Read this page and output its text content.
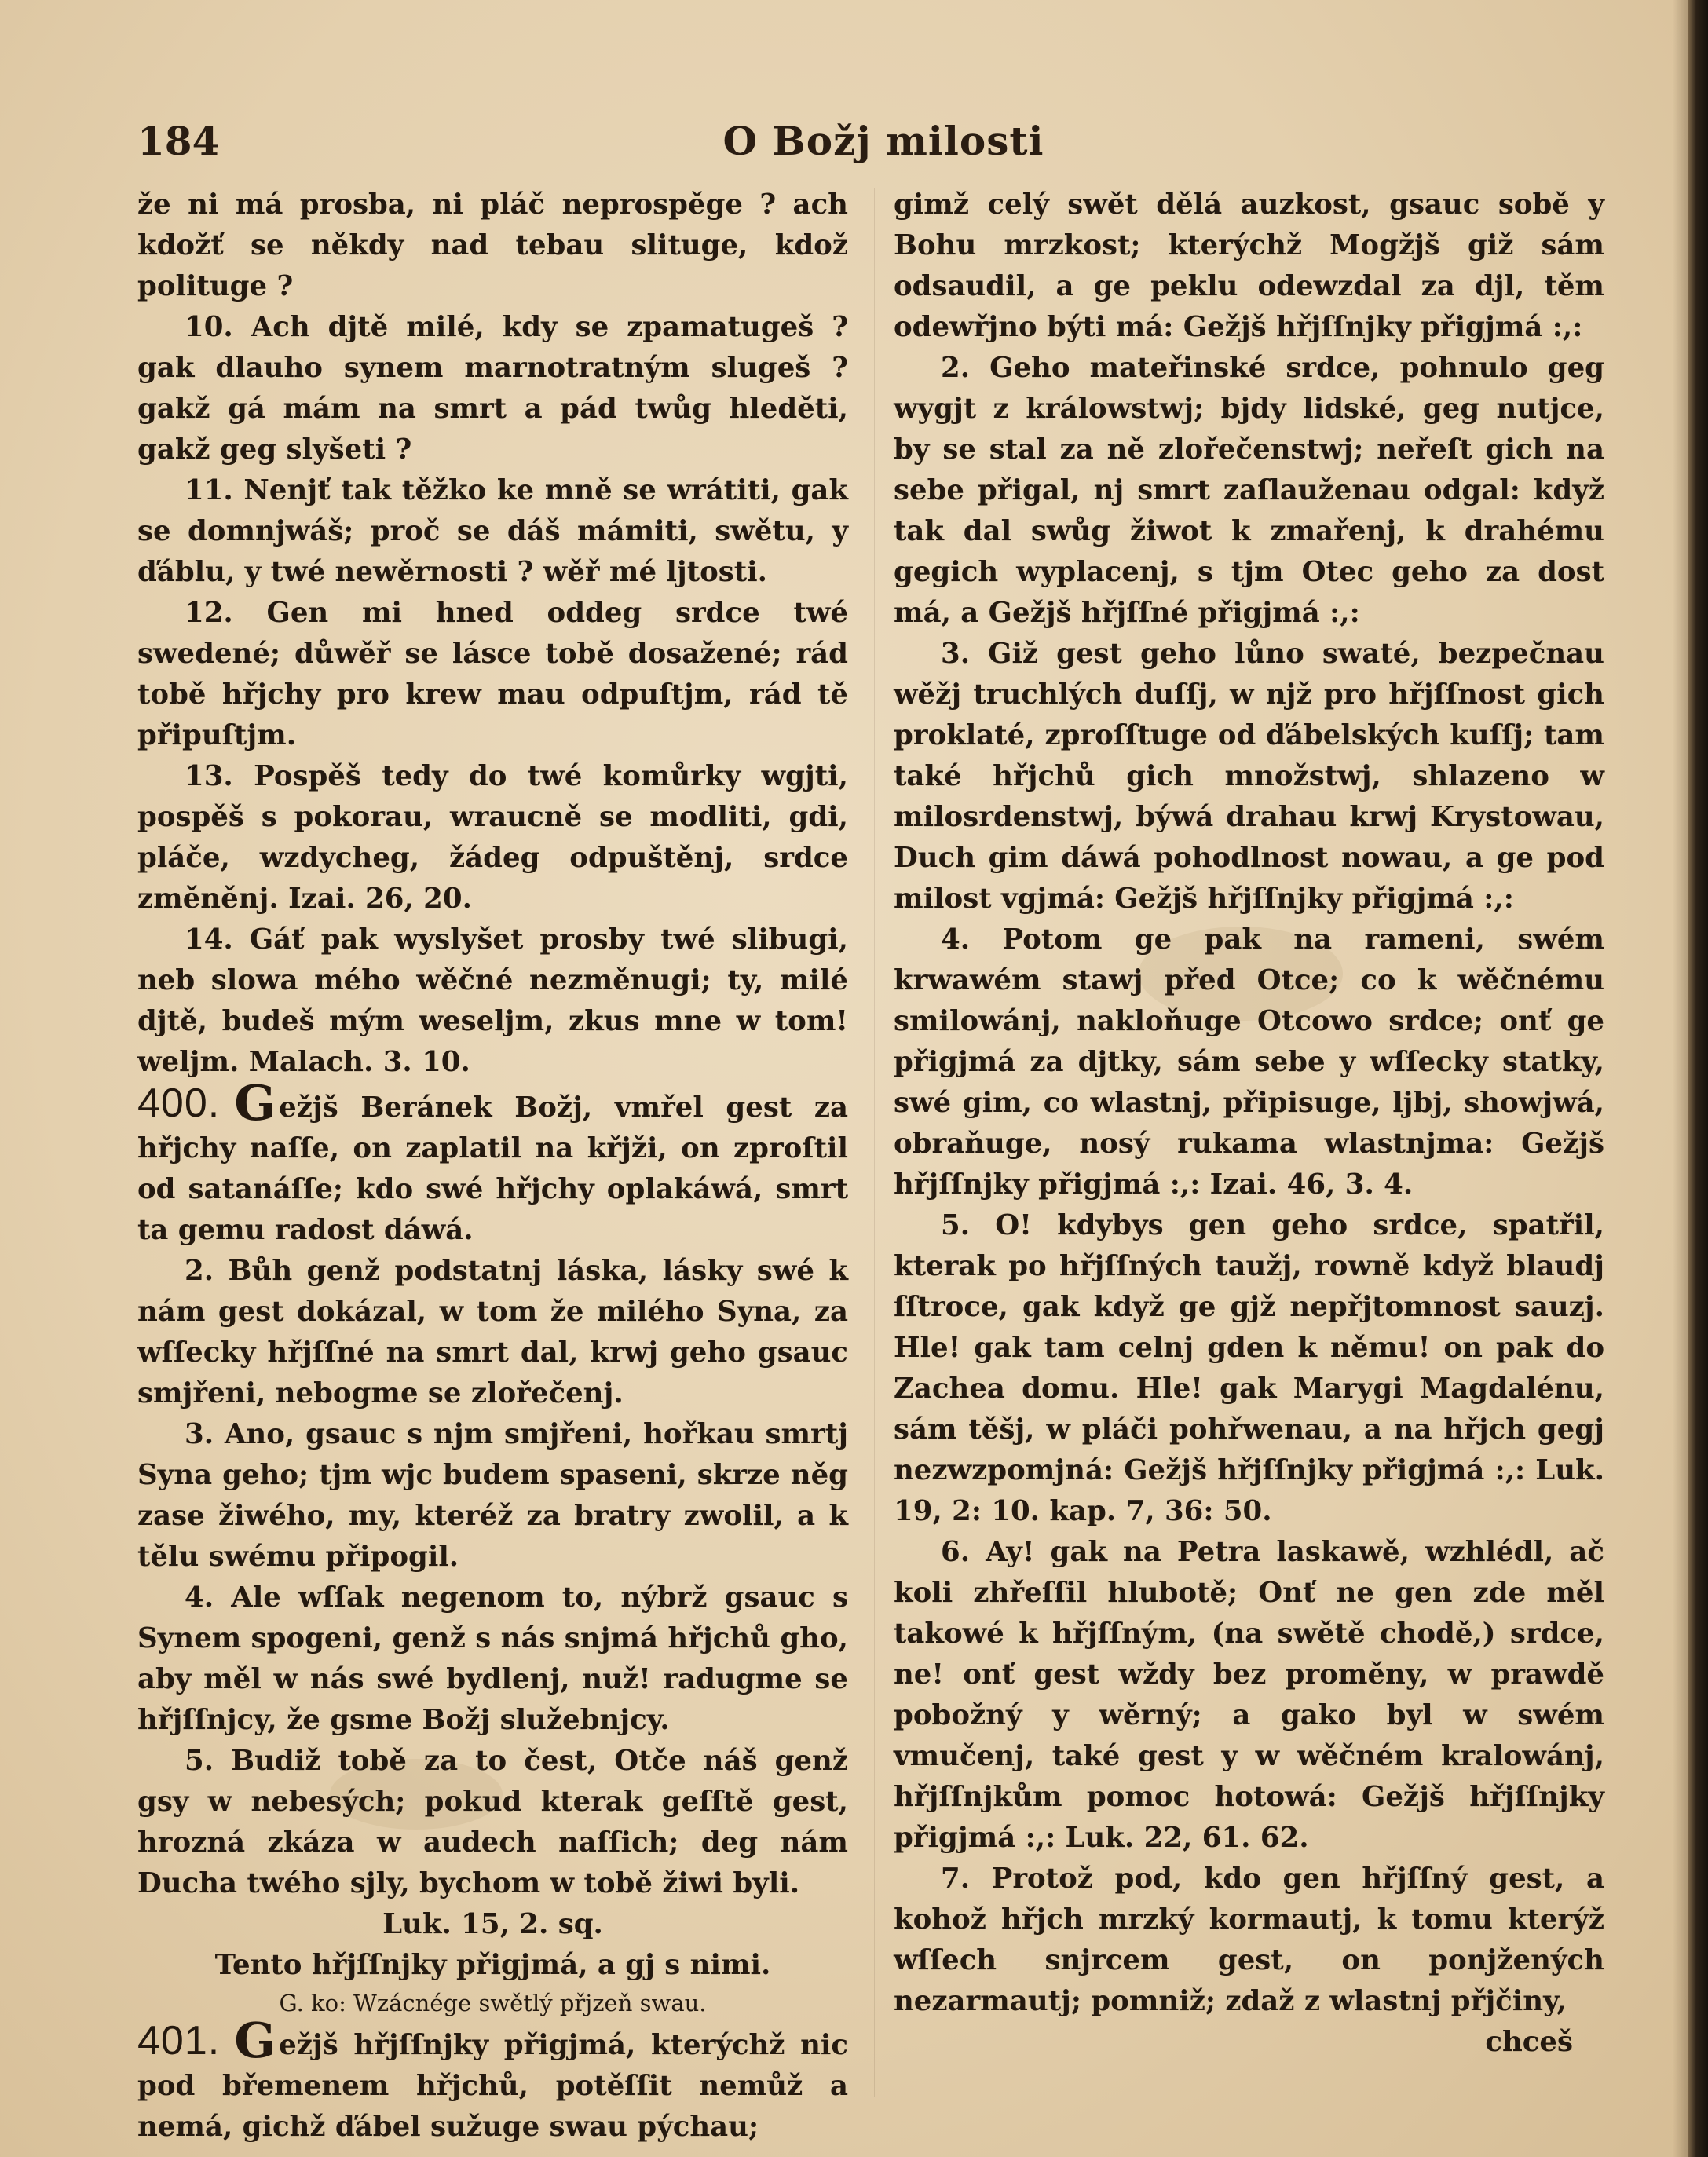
184	O Božj milosti

že ni má prosba, ni pláč neprospěge ? ach kdožť se někdy nad tebau slituge, kdož polituge ?

10. Ach djtě milé, kdy se zpamatugeš ? gak dlauho synem marnotratným slugeš ? gakž gá mám na smrt a pád twůg hleděti, gakž geg slyšeti ?

11. Nenjť tak těžko ke mně se wrátiti, gak se domnjwáš; proč se dáš mámiti, swětu, y ďáblu, y twé newěrnosti ? wěř mé ljtosti.

12. Gen mi hned oddeg srdce twé swedené; důwěř se lásce tobě dosažené; rád tobě hřjchy pro krew mau odpuſtjm, rád tě připuſtjm.

13. Pospěš tedy do twé komůrky wgjti, pospěš s pokorau, wraucně se modliti, gdi, pláče, wzdycheg, žádeg odpuštěnj, srdce změněnj. Izai. 26, 20.

14. Gáť pak wyslyšet prosby twé slibugi, neb slowa mého wěčné nezměnugi; ty, milé djtě, budeš mým weseljm, zkus mne w tom! weljm. Malach. 3. 10.

400. G ežjš Beránek Božj, vmřel gest za hřjchy naſſe, on zaplatil na křjži, on zproſtil od satanáſſe; kdo swé hřjchy oplakáwá, smrt ta gemu radost dáwá.

2. Bůh genž podstatnj láska, lásky swé k nám gest dokázal, w tom že milého Syna, za wſſecky hřjſſné na smrt dal, krwj geho gsauc smjřeni, nebogme se zlořečenj.

3. Ano, gsauc s njm smjřeni, hořkau smrtj Syna geho; tjm wjc budem spaseni, skrze něg zase žiwého, my, kteréž za bratry zwolil, a k tělu swému připogil.

4. Ale wſſak negenom to, nýbrž gsauc s Synem spogeni, genž s nás snjmá hřjchů gho, aby měl w nás swé bydlenj, nuž! radugme se hřjſſnjcy, že gsme Božj služebnjcy.

5. Budiž tobě za to čest, Otče náš genž gsy w nebesých; pokud kterak geſſtě gest, hrozná zkáza w audech naſſich; deg nám Ducha twého sjly, bychom w tobě žiwi byli.

Luk. 15, 2. sq.

Tento hřjſſnjky přigjmá, a gj s nimi.

G. ko: Wzácnége swětlý přjzeň swau.

401. G ežjš hřjſſnjky přigjmá, kterýchž nic pod břemenem hřjchů, potěſſit nemůž a nemá, gichž ďábel sužuge swau pýchau;

gimž celý swět dělá auzkost, gsauc sobě y Bohu mrzkost; kterýchž Mogžjš giž sám odsaudil, a ge peklu odewzdal za djl, těm odewřjno býti má: Gežjš hřjſſnjky přigjmá :,:

2. Geho mateřinské srdce, pohnulo geg wygjt z králowstwj; bjdy lidské, geg nutjce, by se stal za ně zlořečenstwj; neřeſt gich na sebe přigal, nj smrt zaſlauženau odgal: když tak dal swůg žiwot k zmařenj, k drahému gegich wyplacenj, s tjm Otec geho za dost má, a Gežjš hřjſſné přigjmá :,:

3. Giž gest geho lůno swaté, bezpečnau wěžj truchlých duſſj, w njž pro hřjſſnost gich proklaté, zproſſtuge od ďábelských kuſſj; tam také hřjchů gich množstwj, shlazeno w milosrdenstwj, býwá drahau krwj Krystowau, Duch gim dáwá pohodlnost nowau, a ge pod milost vgjmá: Gežjš hřjſſnjky přigjmá :,:

4. Potom ge pak na rameni, swém krwawém stawj před Otce; co k wěčnému smilowánj, nakloňuge Otcowo srdce; onť ge přigjmá za djtky, sám sebe y wſſecky statky, swé gim, co wlastnj, připisuge, ljbj, showjwá, obraňuge, nosý rukama wlastnjma: Gežjš hřjſſnjky přigjmá :,: Izai. 46, 3. 4.

5. O! kdybys gen geho srdce, spatřil, kterak po hřjſſných taužj, rowně když blaudj ſſtroce, gak když ge gjž nepřjtomnost sauzj. Hle! gak tam celnj gden k němu! on pak do Zachea domu. Hle! gak Marygi Magdalénu, sám těšj, w pláči pohřwenau, a na hřjch gegj nezwzpomjná: Gežjš hřjſſnjky přigjmá :,: Luk. 19, 2: 10. kap. 7, 36: 50.

6. Ay! gak na Petra laskawě, wzhlédl, ač koli zhřeſſil hlubotě; Onť ne gen zde měl takowé k hřjſſným, (na swětě chodě,) srdce, ne! onť gest wždy bez proměny, w prawdě pobožný y wěrný; a gako byl w swém vmučenj, také gest y w wěčném kralowánj, hřjſſnjkům pomoc hotowá: Gežjš hřjſſnjky přigjmá :,: Luk. 22, 61. 62.

7. Protož pod, kdo gen hřjſſný gest, a kohož hřjch mrzký kormautj, k tomu kterýž wſſech snjrcem gest, on ponjžených nezarmautj; pomniž; zdaž z wlastnj přjčiny,

chceš
